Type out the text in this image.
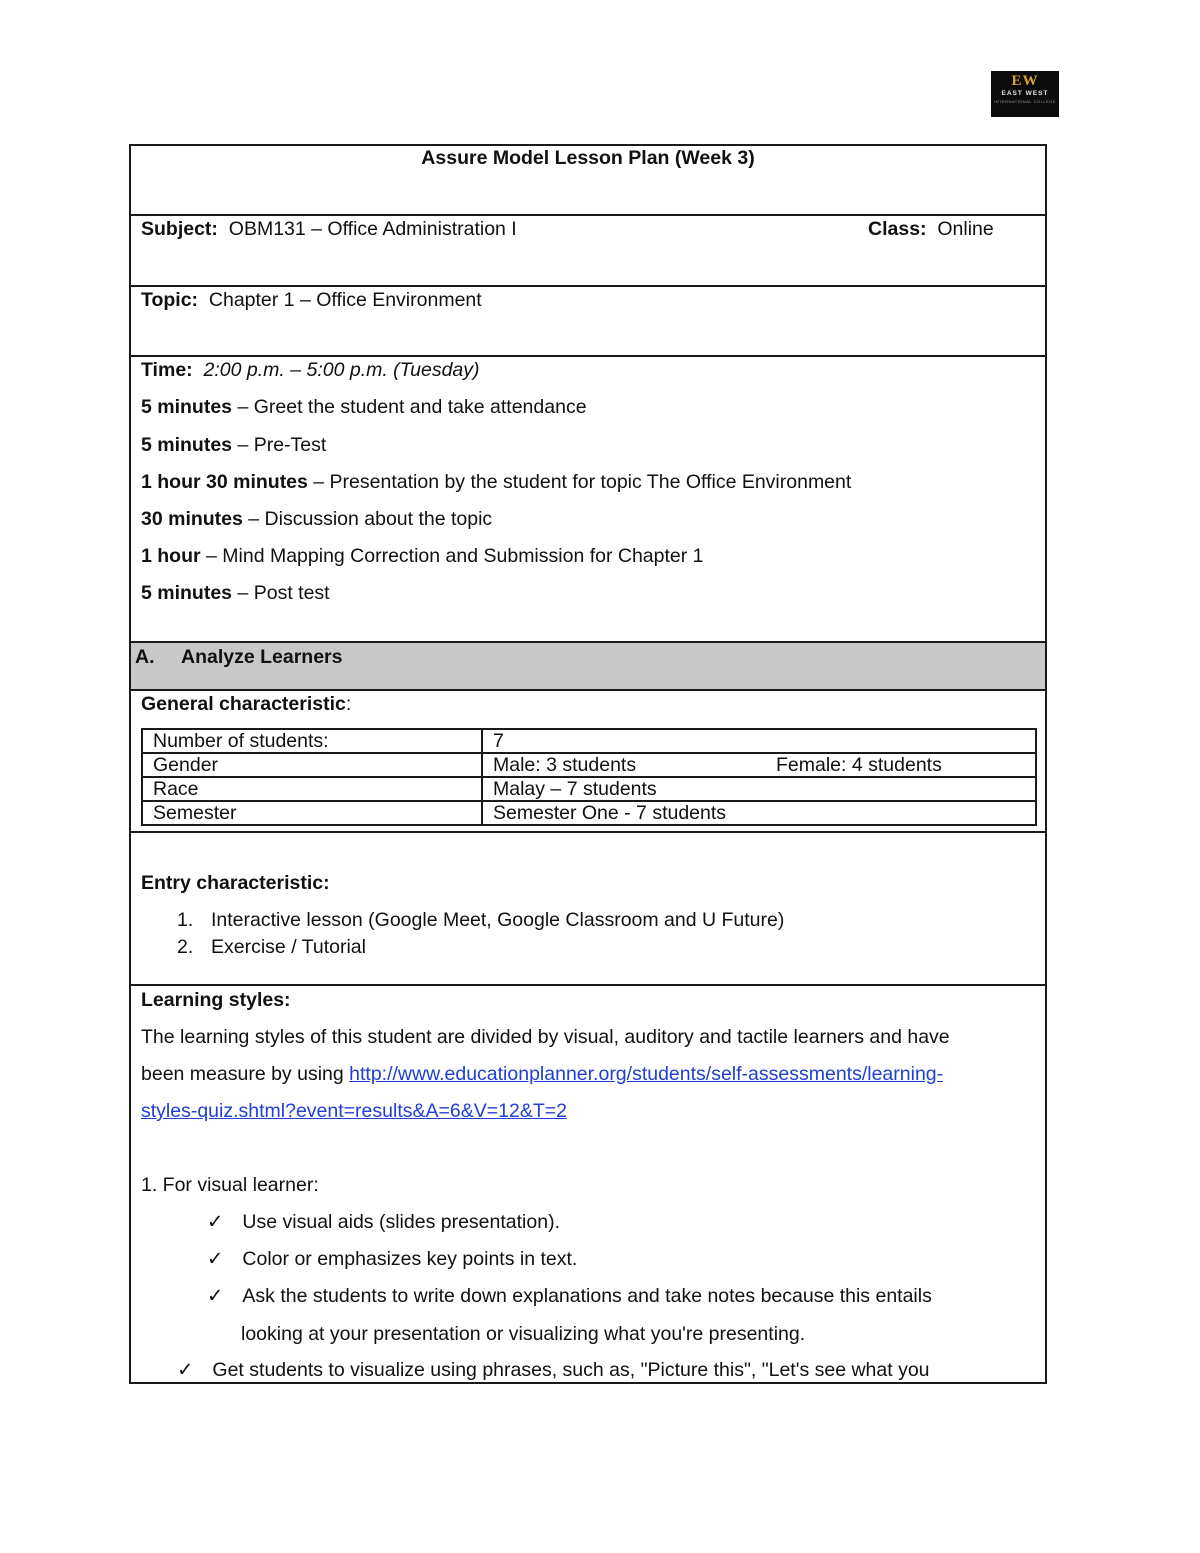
EW
EAST WEST
INTERNATIONAL COLLEGE
Assure Model Lesson Plan (Week 3)
Subject: OBM131 – Office Administration I	Class: Online
Topic: Chapter 1 – Office Environment
Time: 2:00 p.m. – 5:00 p.m. (Tuesday)
5 minutes – Greet the student and take attendance
5 minutes – Pre-Test
1 hour 30 minutes – Presentation by the student for topic The Office Environment
30 minutes – Discussion about the topic
1 hour – Mind Mapping Correction and Submission for Chapter 1
5 minutes – Post test
A. Analyze Learners
General characteristic:
Number of students:	7
Gender	Male: 3 students Female: 4 students

Race	Malay – 7 students
Semester	Semester One - 7 students
Entry characteristic:
1. Interactive lesson (Google Meet, Google Classroom and U Future)
2. Exercise / Tutorial
Learning styles:
The learning styles of this student are divided by visual, auditory and tactile learners and have
been measure by using http://www.educationplanner.org/students/self-assessments/learning-
styles-quiz.shtml?event=results&A=6&V=12&T=2
1. For visual learner:
✓ Use visual aids (slides presentation).
✓ Color or emphasizes key points in text.
✓ Ask the students to write down explanations and take notes because this entails
looking at your presentation or visualizing what you're presenting.
✓ Get students to visualize using phrases, such as, "Picture this", "Let's see what you
